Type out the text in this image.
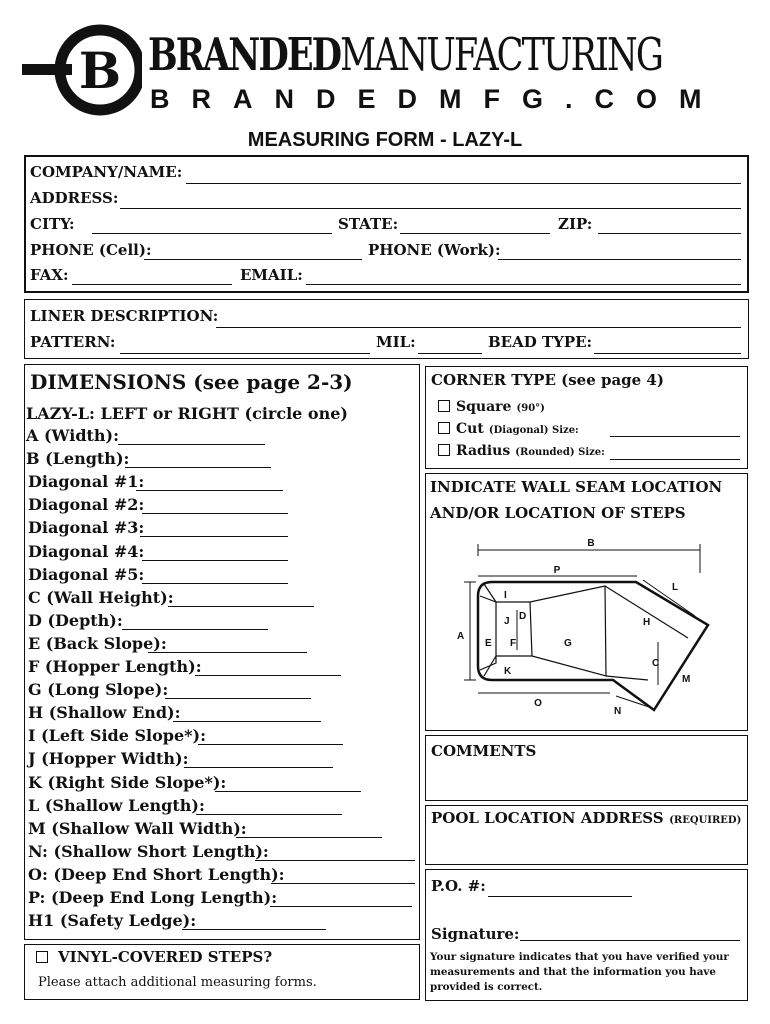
B BRANDEDMANUFACTURING
BRANDEDMFG.COM
MEASURING FORM - LAZY-L
COMPANY/NAME:
ADDRESS:
CITY:	STATE:	ZIP:
PHONE (Cell):	PHONE (Work):
FAX:	EMAIL:
LINER DESCRIPTION:
PATTERN:	MIL:	BEAD TYPE:
DIMENSIONS (see page 2-3)
LAZY-L: LEFT or RIGHT (circle one)
A (Width):
B (Length):
Diagonal #1:
Diagonal #2:
Diagonal #3:
Diagonal #4:
Diagonal #5:
C (Wall Height):
D (Depth):
E (Back Slope):
F (Hopper Length):
G (Long Slope):
H (Shallow End):
I (Left Side Slope*):
J (Hopper Width):
K (Right Side Slope*):
L (Shallow Length):
M (Shallow Wall Width):
N: (Shallow Short Length):
O: (Deep End Short Length):
P: (Deep End Long Length):
H1 (Safety Ledge):
VINYL-COVERED STEPS?
Please attach additional measuring forms.
CORNER TYPE (see page 4)
Square (90°)
Cut (Diagonal) Size:
Radius (Rounded) Size:
INDICATE WALL SEAM LOCATION
AND/OR LOCATION OF STEPS
B
P
L
I
H
J D
A
E F	G
C
K
M
O
N
COMMENTS
POOL LOCATION ADDRESS (REQUIRED)
P.O. #:
Signature:
Your signature indicates that you have verified your measurements and that the information you have provided is correct.
